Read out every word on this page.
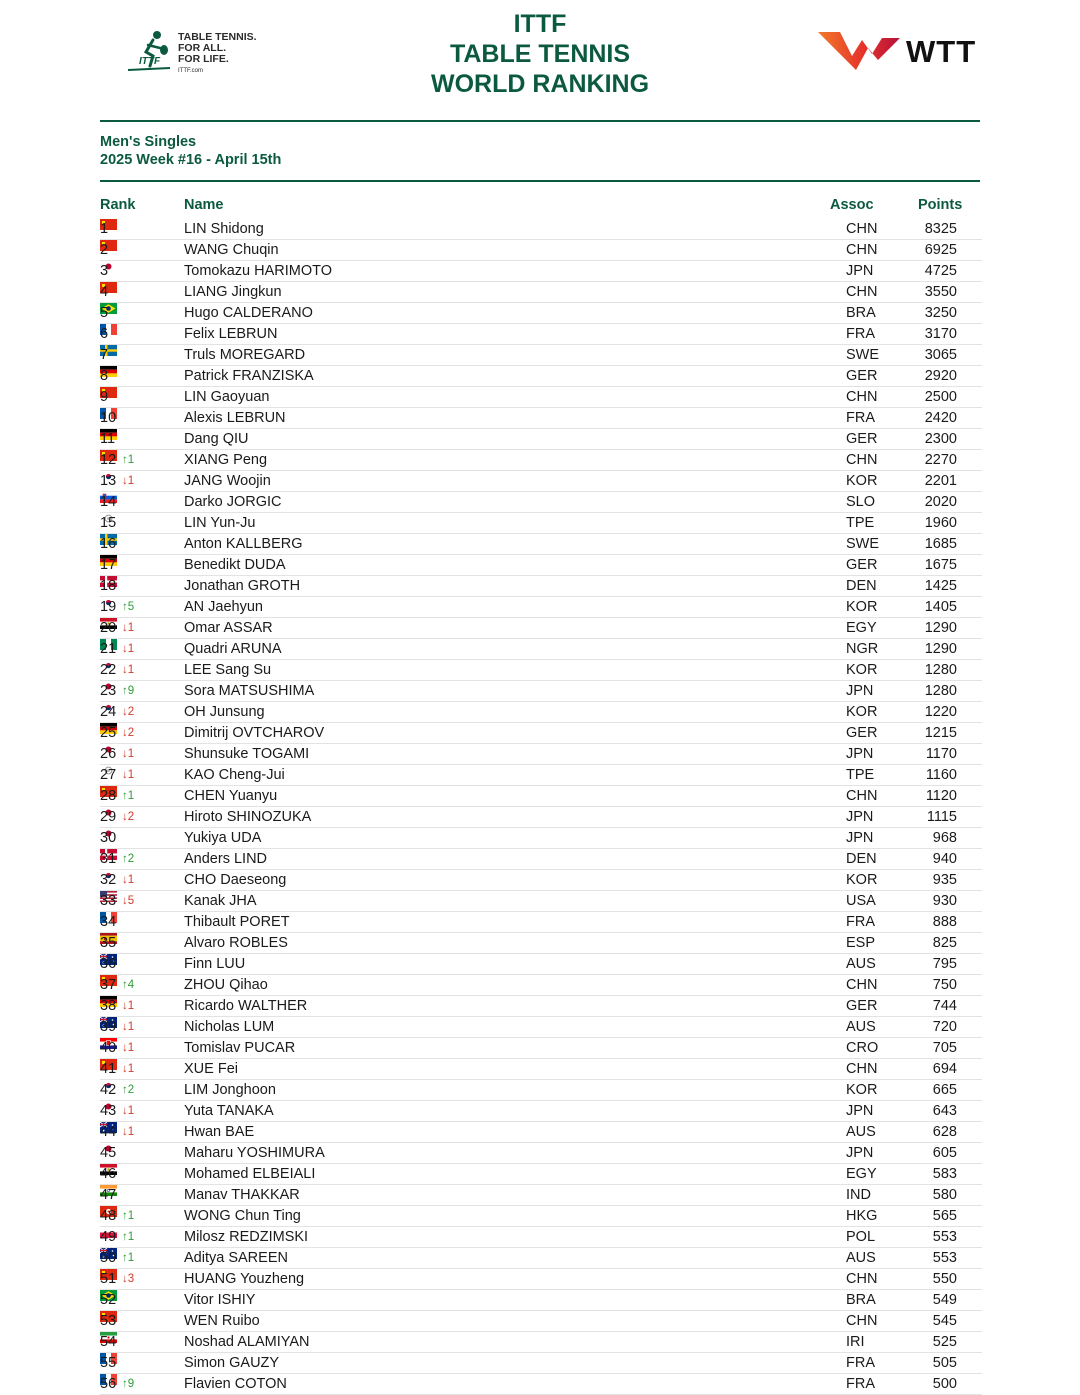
ITTF
TABLE TENNIS.
FOR ALL.
FOR LIFE.
ITTF.com
ITTF
TABLE TENNIS
WORLD RANKING
WTT
Men's Singles
2025 Week #16 - April 15th
Rank	Name	Assoc	Points
1	LIN Shidong	CHN	8325
2	WANG Chuqin	CHN	6925
3	Tomokazu HARIMOTO	JPN	4725
4	LIANG Jingkun	CHN	3550
5	Hugo CALDERANO	BRA	3250
6	Felix LEBRUN	FRA	3170
7	Truls MOREGARD	SWE	3065
8	Patrick FRANZISKA	GER	2920
9	LIN Gaoyuan	CHN	2500
10	Alexis LEBRUN	FRA	2420
11	Dang QIU	GER	2300
12 ↑1	XIANG Peng	CHN	2270
13 ↓1	JANG Woojin	KOR	2201
14	Darko JORGIC	SLO	2020
15	LIN Yun-Ju	TPE	1960
16	Anton KALLBERG	SWE	1685
17	Benedikt DUDA	GER	1675
18	Jonathan GROTH	DEN	1425
19 ↑5	AN Jaehyun	KOR	1405
20 ↓1	Omar ASSAR	EGY	1290
21 ↓1	Quadri ARUNA	NGR	1290
22 ↓1	LEE Sang Su	KOR	1280
23 ↑9	Sora MATSUSHIMA	JPN	1280
24 ↓2	OH Junsung	KOR	1220
25 ↓2	Dimitrij OVTCHAROV	GER	1215
26 ↓1	Shunsuke TOGAMI	JPN	1170
27 ↓1	KAO Cheng-Jui	TPE	1160
28 ↑1	CHEN Yuanyu	CHN	1120
29 ↓2	Hiroto SHINOZUKA	JPN	1115
30	Yukiya UDA	JPN	968
31 ↑2	Anders LIND	DEN	940
32 ↓1	CHO Daeseong	KOR	935
33 ↓5	Kanak JHA	USA	930
34	Thibault PORET	FRA	888
35	Alvaro ROBLES	ESP	825
36	Finn LUU	AUS	795
37 ↑4	ZHOU Qihao	CHN	750
38 ↓1	Ricardo WALTHER	GER	744
39 ↓1	Nicholas LUM	AUS	720
40 ↓1	Tomislav PUCAR	CRO	705
41 ↓1	XUE Fei	CHN	694
42 ↑2	LIM Jonghoon	KOR	665
43 ↓1	Yuta TANAKA	JPN	643
44 ↓1	Hwan BAE	AUS	628
45	Maharu YOSHIMURA	JPN	605
46	Mohamed ELBEIALI	EGY	583
47	Manav THAKKAR	IND	580
48 ↑1	WONG Chun Ting	HKG	565
49 ↑1	Milosz REDZIMSKI	POL	553
50 ↑1	Aditya SAREEN	AUS	553
51 ↓3	HUANG Youzheng	CHN	550
52	Vitor ISHIY	BRA	549
53	WEN Ruibo	CHN	545
54	Noshad ALAMIYAN	IRI	525
55	Simon GAUZY	FRA	505
56 ↑9	Flavien COTON	FRA	500
